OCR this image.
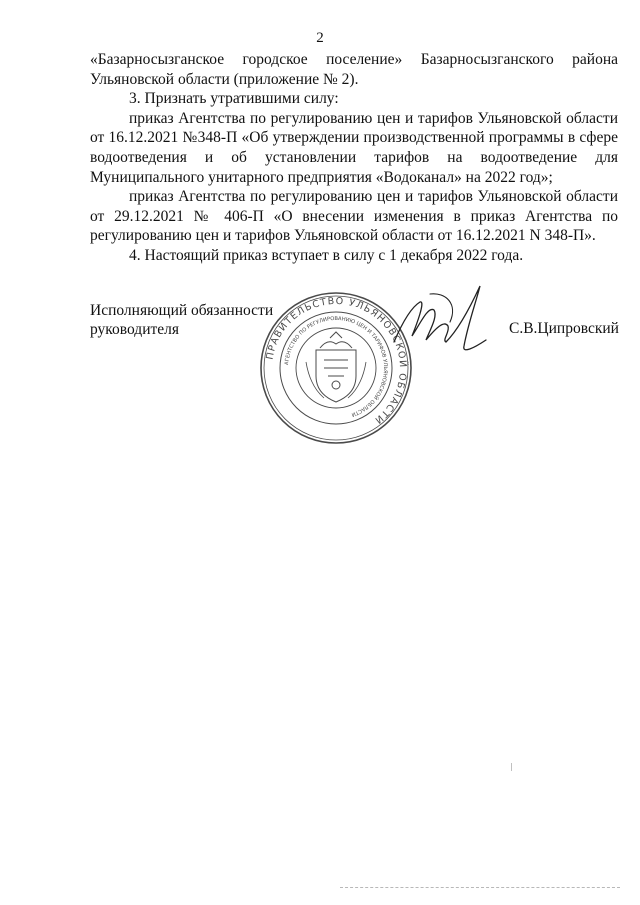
2

«Базарносызганское городское поселение» Базарносызганского района Ульяновской области (приложение № 2).

3. Признать утратившими силу:

приказ Агентства по регулированию цен и тарифов Ульяновской области от 16.12.2021 №348-П «Об утверждении производственной программы в сфере водоотведения и об установлении тарифов на водоотведение для Муниципального унитарного предприятия «Водоканал» на 2022 год»;

приказ Агентства по регулированию цен и тарифов Ульяновской области от 29.12.2021 № 406-П «О внесении изменения в приказ Агентства по регулированию цен и тарифов Ульяновской области от 16.12.2021 N 348-П».

4. Настоящий приказ вступает в силу с 1 декабря 2022 года.

Исполняющий обязанности
руководителя
ПРАВИТЕЛЬСТВО УЛЬЯНОВСКОЙ ОБЛАСТИ
АГЕНТСТВО ПО РЕГУЛИРОВАНИЮ ЦЕН И ТАРИФОВ УЛЬЯНОВСКОЙ ОБЛАСТИ
С.В.Ципровский
